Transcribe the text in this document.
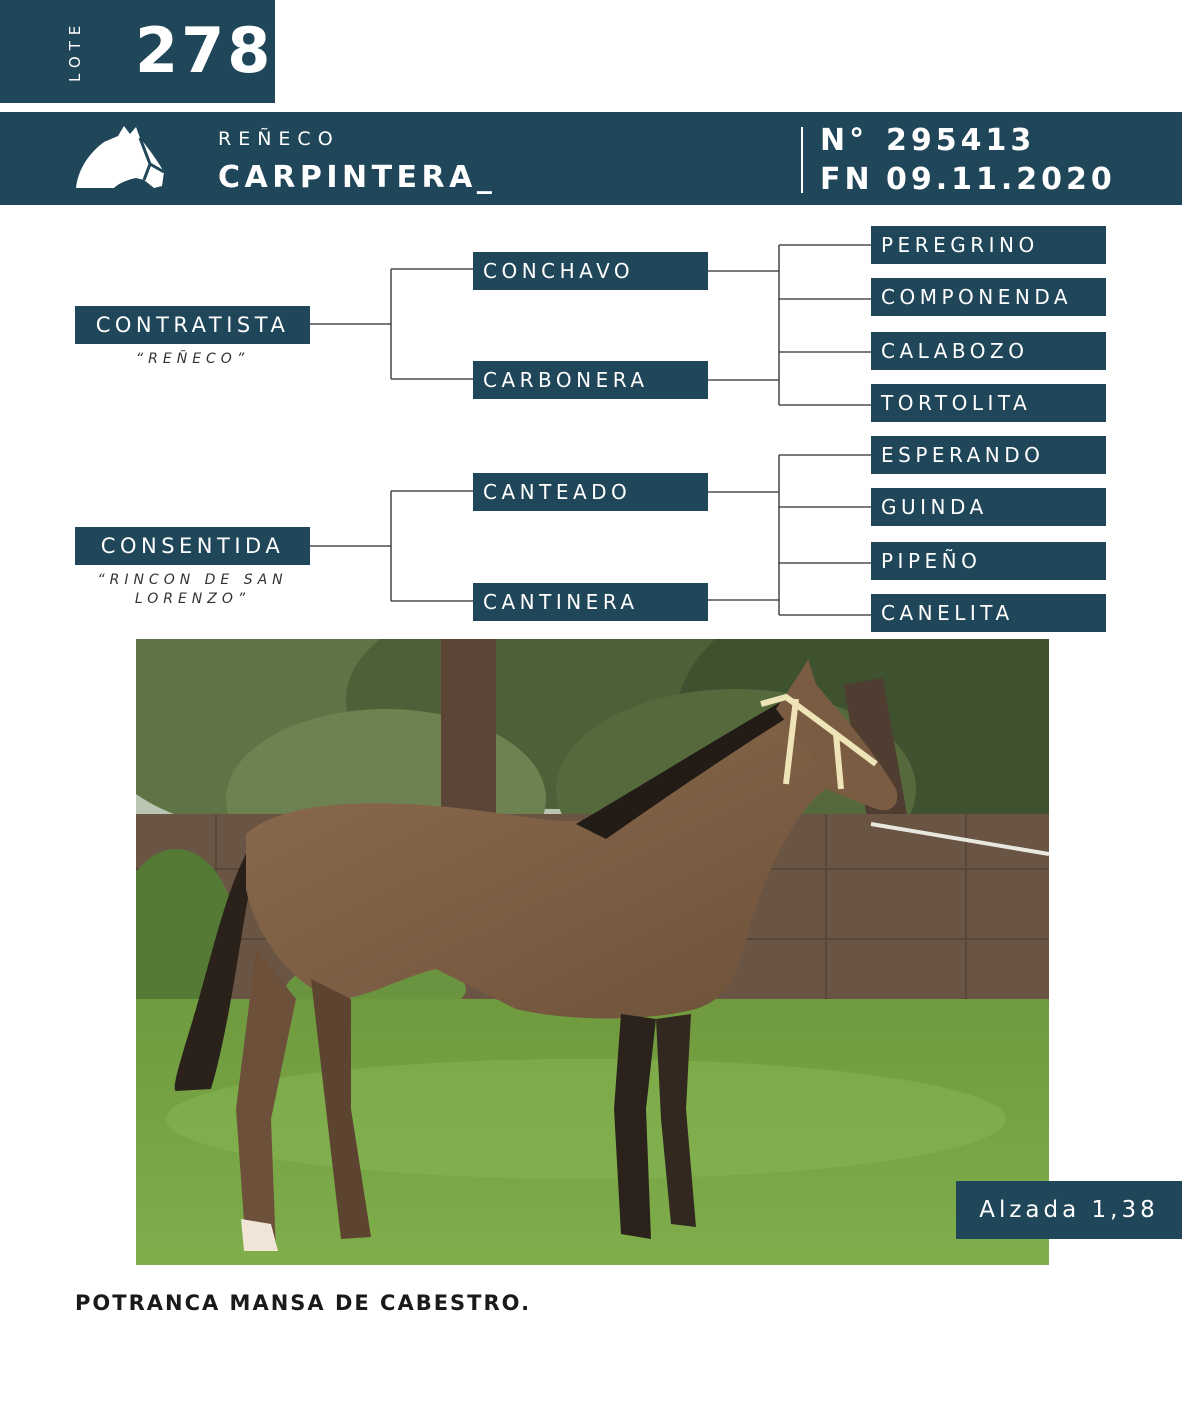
LOTE 278
REÑECO
CARPINTERA_
N° 295413
FN 09.11.2020
CONTRATISTA
“REÑECO”
CONSENTIDA
“RINCON DE SAN LORENZO”
CONCHAVO
CARBONERA
CANTEADO
CANTINERA
PEREGRINO
COMPONENDA
CALABOZO
TORTOLITA
ESPERANDO
GUINDA
PIPEÑO
CANELITA
Alzada 1,38
POTRANCA MANSA DE CABESTRO.
